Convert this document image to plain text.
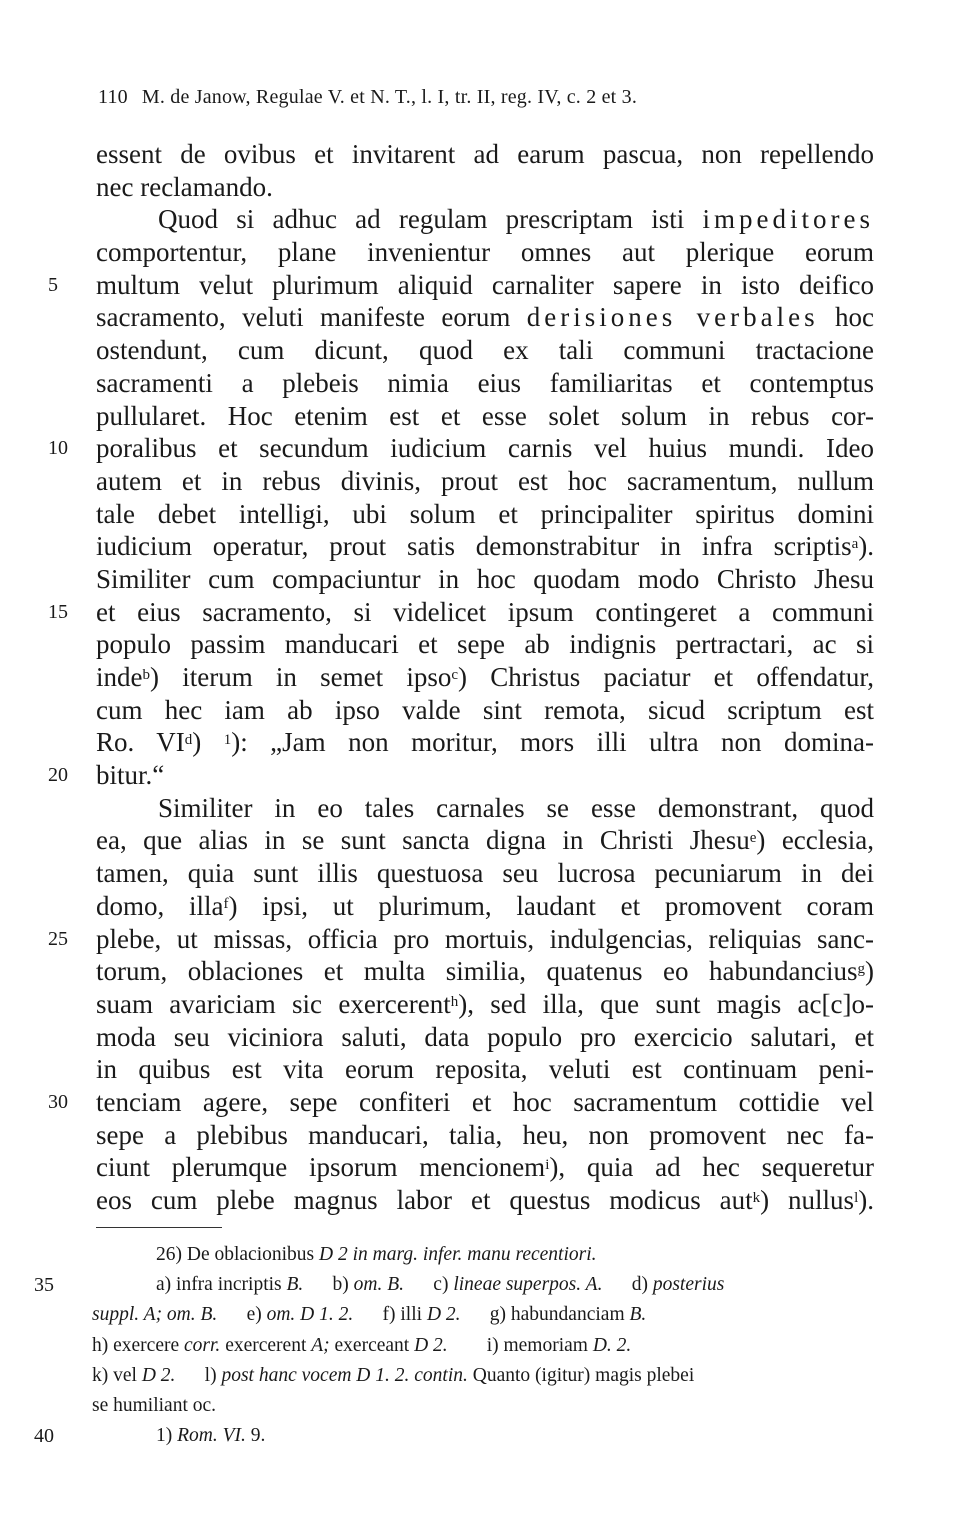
110 M. de Janow, Regulae V. et N. T., l. I, tr. II, reg. IV, c. 2 et 3.
essent de ovibus et invitarent ad earum pascua, non repellendo
nec reclamando.
Quod si adhuc ad regulam prescriptam isti impeditores
comportentur, plane invenientur omnes aut plerique eorum
5	multum velut plurimum aliquid carnaliter sapere in isto deifico
sacramento, veluti manifeste eorum derisiones verbales hoc
ostendunt, cum dicunt, quod ex tali communi tractacione
sacramenti a plebeis nimia eius familiaritas et contemptus
pullularet. Hoc etenim est et esse solet solum in rebus cor-
10	poralibus et secundum iudicium carnis vel huius mundi. Ideo
autem et in rebus divinis, prout est hoc sacramentum, nullum
tale debet intelligi, ubi solum et principaliter spiritus domini
iudicium operatur, prout satis demonstrabitur in infra scriptis$^a$).
Similiter cum compaciuntur in hoc quodam modo Christo Jhesu
15	et eius sacramento, si videlicet ipsum contingeret a communi
populo passim manducari et sepe ab indignis pertractari, ac si
inde$^b$) iterum in semet ipso$^c$) Christus paciatur et offendatur,
cum hec iam ab ipso valde sint remota, sicud scriptum est
Ro. $VI^d$) $^1$): „Jam non moritur, mors illi ultra non domina-
20	bitur.“
Similiter in eo tales carnales se esse demonstrant, quod
ea, que alias in se sunt sancta digna in Christi Jhesu$^e$) ecclesia,
tamen, quia sunt illis questuosa seu lucrosa pecuniarum in dei
domo, illa$^f$) ipsi, ut plurimum, laudant et promovent coram
25	plebe, ut missas, officia pro mortuis, indulgencias, reliquias sanc-
torum, oblaciones et multa similia, quatenus eo habundancius$^g$)
suam avariciam sic exercerent$^h$), sed illa, que sunt magis ac[c]o-
moda seu viciniora saluti, data populo pro exercicio salutari, et
in quibus est vita eorum reposita, veluti est continuam peni-
30	tenciam agere, sepe confiteri et hoc sacramentum cottidie vel
sepe a plebibus manducari, talia, heu, non promovent nec fa-
ciunt plerumque ipsorum mencionem$^i$), quia ad hec sequeretur
eos cum plebe magnus labor et questus modicus aut$^k$) nullus$^l$).
26) De oblacionibus D 2 in marg. infer. manu recentiori.
35	a) infra incriptis B.   b) om. B.   c) lineae superpos. A.   d) posterius
suppl. A; om. B.   e) om. D 1. 2.   f) illi D 2.   g) habundanciam B.
h) exercere corr. exercerent A; exerceant D 2.   i) memoriam D. 2.
k) vel D 2.   l) post hanc vocem D 1. 2. contin. Quanto (igitur) magis plebei
se humiliant oc.
40	1) Rom. VI. 9.
